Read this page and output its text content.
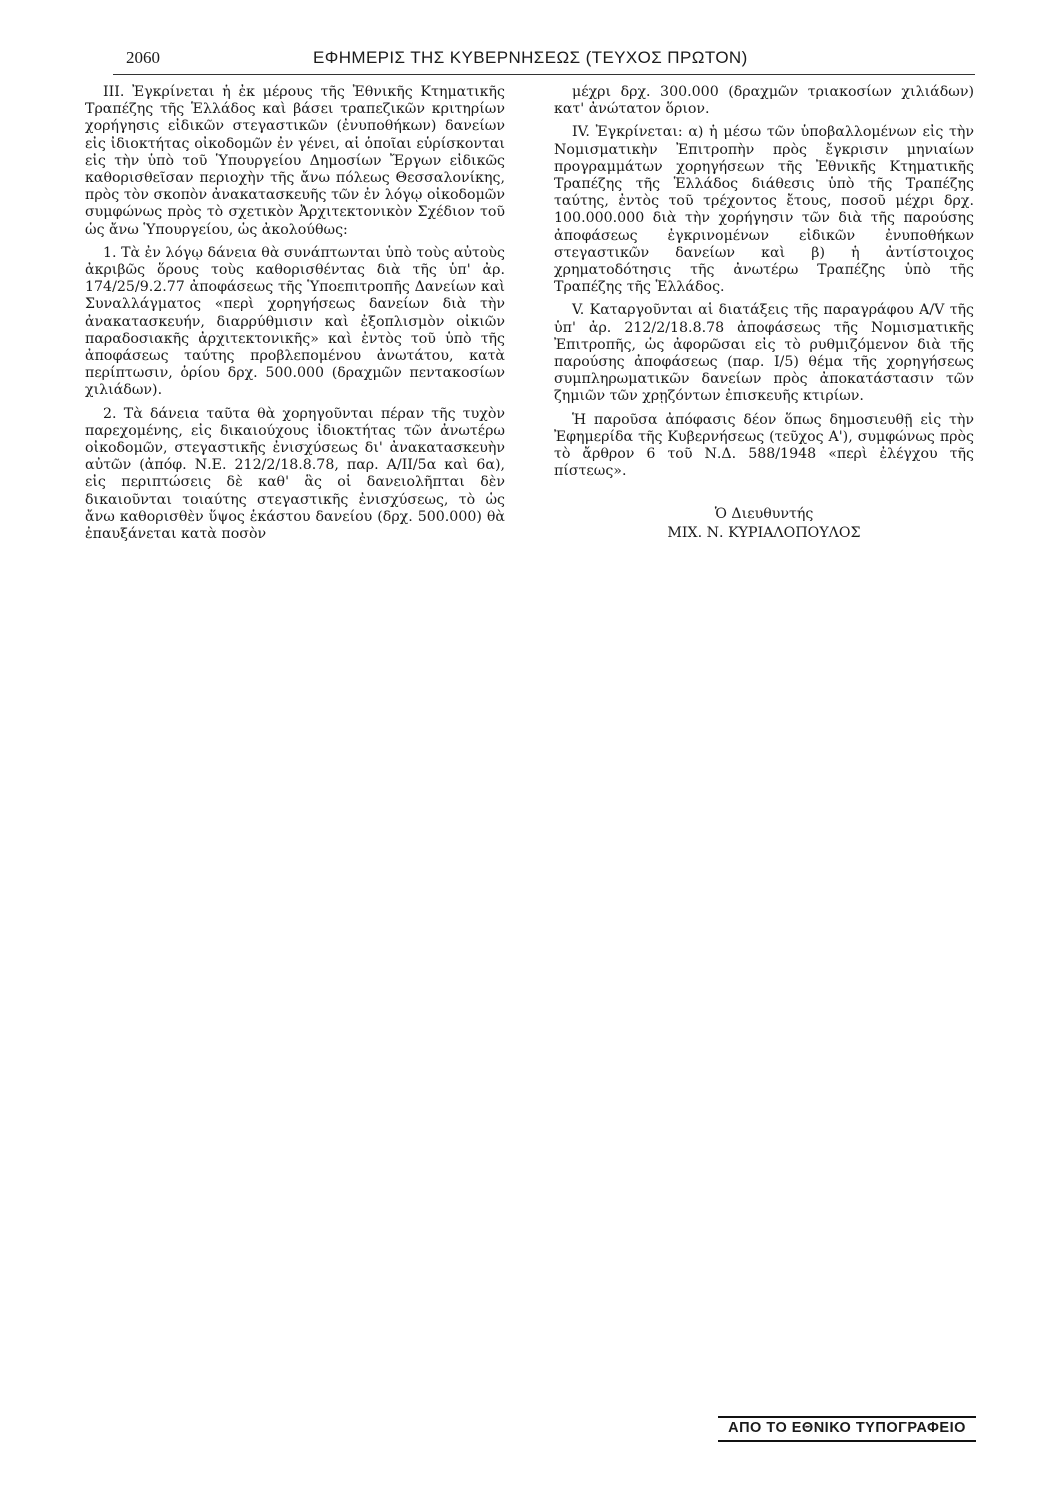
2060	ΕΦΗΜΕΡΙΣ ΤΗΣ ΚΥΒΕΡΝΗΣΕΩΣ (ΤΕΥΧΟΣ ΠΡΩΤΟΝ)

ΙΙΙ. Ἐγκρίνεται ἡ ἐκ μέρους τῆς Ἐθνικῆς Κτηματικῆς Τραπέζης τῆς Ἑλλάδος καὶ βάσει τραπεζικῶν κριτηρίων χορήγησις εἰδικῶν στεγαστικῶν (ἐνυποθήκων) δανείων εἰς ἰδιοκτήτας οἰκοδομῶν ἐν γένει, αἱ ὁποῖαι εὑρίσκονται εἰς τὴν ὑπὸ τοῦ Ὑπουργείου Δημοσίων Ἔργων εἰδικῶς καθορισθεῖσαν περιοχὴν τῆς ἄνω πόλεως Θεσσαλονίκης, πρὸς τὸν σκοπὸν ἀνακατασκευῆς τῶν ἐν λόγῳ οἰκοδομῶν συμφώνως πρὸς τὸ σχετικὸν Ἀρχιτεκτονικὸν Σχέδιον τοῦ ὡς ἄνω Ὑπουργείου, ὡς ἀκολούθως:

1. Τὰ ἐν λόγῳ δάνεια θὰ συνάπτωνται ὑπὸ τοὺς αὐτοὺς ἀκριβῶς ὅρους τοὺς καθορισθέντας διὰ τῆς ὑπ' ἀρ. 174/25/9.2.77 ἀποφάσεως τῆς Ὑποεπιτροπῆς Δανείων καὶ Συναλλάγματος «περὶ χορηγήσεως δανείων διὰ τὴν ἀνακατασκευήν, διαρρύθμισιν καὶ ἐξοπλισμὸν οἰκιῶν παραδοσιακῆς ἀρχιτεκτονικῆς» καὶ ἐντὸς τοῦ ὑπὸ τῆς ἀποφάσεως ταύτης προβλεπομένου ἀνωτάτου, κατὰ περίπτωσιν, ὁρίου δρχ. 500.000 (δραχμῶν πεντακοσίων χιλιάδων).

2. Τὰ δάνεια ταῦτα θὰ χορηγοῦνται πέραν τῆς τυχὸν παρεχομένης, εἰς δικαιούχους ἰδιοκτήτας τῶν ἀνωτέρω οἰκοδομῶν, στεγαστικῆς ἐνισχύσεως δι' ἀνακατασκευὴν αὐτῶν (ἀπόφ. Ν.Ε. 212/2/18.8.78, παρ. Α/ΙΙ/5α καὶ 6α), εἰς περιπτώσεις δὲ καθ' ἃς οἱ δανειολῆπται δὲν δικαιοῦνται τοιαύτης στεγαστικῆς ἐνισχύσεως, τὸ ὡς ἄνω καθορισθὲν ὕψος ἑκάστου δανείου (δρχ. 500.000) θὰ ἐπαυξάνεται κατὰ ποσὸν

μέχρι δρχ. 300.000 (δραχμῶν τριακοσίων χιλιάδων) κατ' ἀνώτατον ὅριον.

IV. Ἐγκρίνεται: α) ἡ μέσω τῶν ὑποβαλλομένων εἰς τὴν Νομισματικὴν Ἐπιτροπὴν πρὸς ἔγκρισιν μηνιαίων προγραμμάτων χορηγήσεων τῆς Ἐθνικῆς Κτηματικῆς Τραπέζης τῆς Ἑλλάδος διάθεσις ὑπὸ τῆς Τραπέζης ταύτης, ἐντὸς τοῦ τρέχοντος ἔτους, ποσοῦ μέχρι δρχ. 100.000.000 διὰ τὴν χορήγησιν τῶν διὰ τῆς παρούσης ἀποφάσεως ἐγκρινομένων εἰδικῶν ἐνυποθήκων στεγαστικῶν δανείων καὶ β) ἡ ἀντίστοιχος χρηματοδότησις τῆς ἀνωτέρω Τραπέζης ὑπὸ τῆς Τραπέζης τῆς Ἑλλάδος.

V. Καταργοῦνται αἱ διατάξεις τῆς παραγράφου Α/V τῆς ὑπ' ἀρ. 212/2/18.8.78 ἀποφάσεως τῆς Νομισματικῆς Ἐπιτροπῆς, ὡς ἀφορῶσαι εἰς τὸ ρυθμιζόμενον διὰ τῆς παρούσης ἀποφάσεως (παρ. Ι/5) θέμα τῆς χορηγήσεως συμπληρωματικῶν δανείων πρὸς ἀποκατάστασιν τῶν ζημιῶν τῶν χρῃζόντων ἐπισκευῆς κτιρίων.

Ἡ παροῦσα ἀπόφασις δέον ὅπως δημοσιευθῇ εἰς τὴν Ἐφημερίδα τῆς Κυβερνήσεως (τεῦχος Α'), συμφώνως πρὸς τὸ ἄρθρον 6 τοῦ Ν.Δ. 588/1948 «περὶ ἐλέγχου τῆς πίστεως».

Ὁ Διευθυντής
ΜΙΧ. Ν. ΚΥΡΙΑΛΟΠΟΥΛΟΣ
ΑΠΟ ΤΟ ΕΘΝΙΚΟ ΤΥΠΟΓΡΑΦΕΙΟ
